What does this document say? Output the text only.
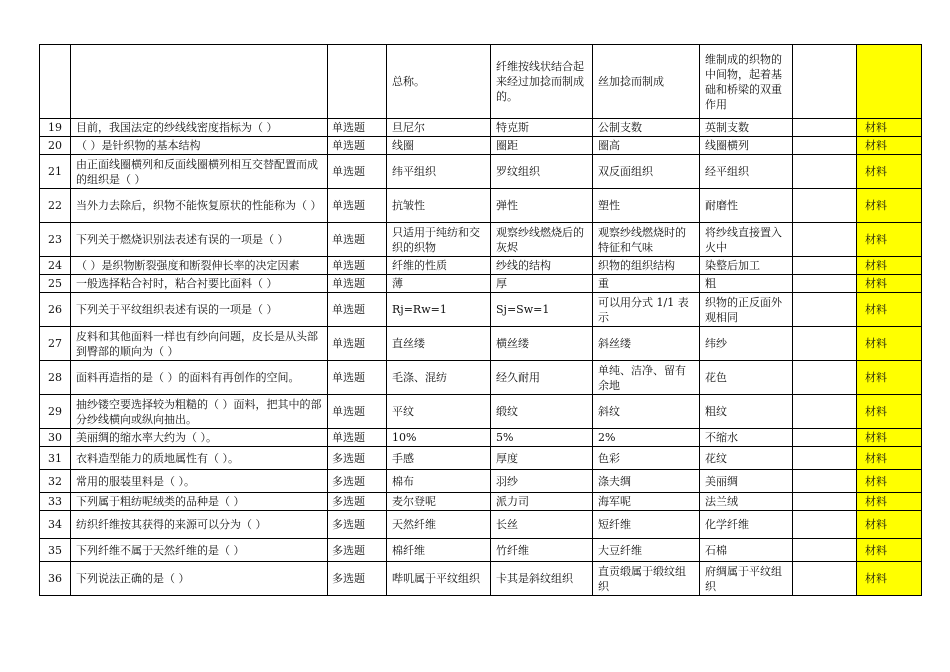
			总称。	纤维按线状结合起来经过加捻而制成的。	丝加捻而制成	维制成的织物的中间物，起着基础和桥梁的双重作用		
19	目前，我国法定的纱线线密度指标为（ ）	单选题	旦尼尔	特克斯	公制支数	英制支数		材料
20	（ ）是针织物的基本结构	单选题	线圈	圈距	圈高	线圈横列		材料
21	由正面线圈横列和反面线圈横列相互交替配置而成的组织是（ ）	单选题	纬平组织	罗纹组织	双反面组织	经平组织		材料
22	当外力去除后，织物不能恢复原状的性能称为（ ）	单选题	抗皱性	弹性	塑性	耐磨性		材料
23	下列关于燃烧识别法表述有误的一项是（ ）	单选题	只适用于纯纺和交织的织物	观察纱线燃烧后的灰烬	观察纱线燃烧时的特征和气味	将纱线直接置入火中		材料
24	（ ）是织物断裂强度和断裂伸长率的决定因素	单选题	纤维的性质	纱线的结构	织物的组织结构	染整后加工		材料
25	一般选择粘合衬时，粘合衬要比面料（ ）	单选题	薄	厚	重	粗		材料
26	下列关于平纹组织表述有误的一项是（ ）	单选题	Rj=Rw=1	Sj=Sw=1	可以用分式 1/1 表示	织物的正反面外观相同		材料
27	皮料和其他面料一样也有纱向问题，皮长是从头部到臀部的顺向为（ ）	单选题	直丝缕	横丝缕	斜丝缕	纬纱		材料
28	面料再造指的是（ ）的面料有再创作的空间。	单选题	毛涤、混纺	经久耐用	单纯、洁净、留有余地	花色		材料
29	抽纱镂空要选择较为粗糙的（ ）面料，把其中的部分纱线横向或纵向抽出。	单选题	平纹	缎纹	斜纹	粗纹		材料
30	美丽绸的缩水率大约为（ ）。	单选题	10%	5%	2%	不缩水		材料
31	衣料造型能力的质地属性有（ ）。	多选题	手感	厚度	色彩	花纹		材料
32	常用的服装里料是（ ）。	多选题	棉布	羽纱	涤夫绸	美丽绸		材料
33	下列属于粗纺呢绒类的品种是（ ）	多选题	麦尔登呢	派力司	海军呢	法兰绒		材料
34	纺织纤维按其获得的来源可以分为（ ）	多选题	天然纤维	长丝	短纤维	化学纤维		材料
35	下列纤维不属于天然纤维的是（ ）	多选题	棉纤维	竹纤维	大豆纤维	石棉		材料
36	下列说法正确的是（ ）	多选题	哔叽属于平纹组织	卡其是斜纹组织	直贡缎属于缎纹组织	府绸属于平纹组织		材料
